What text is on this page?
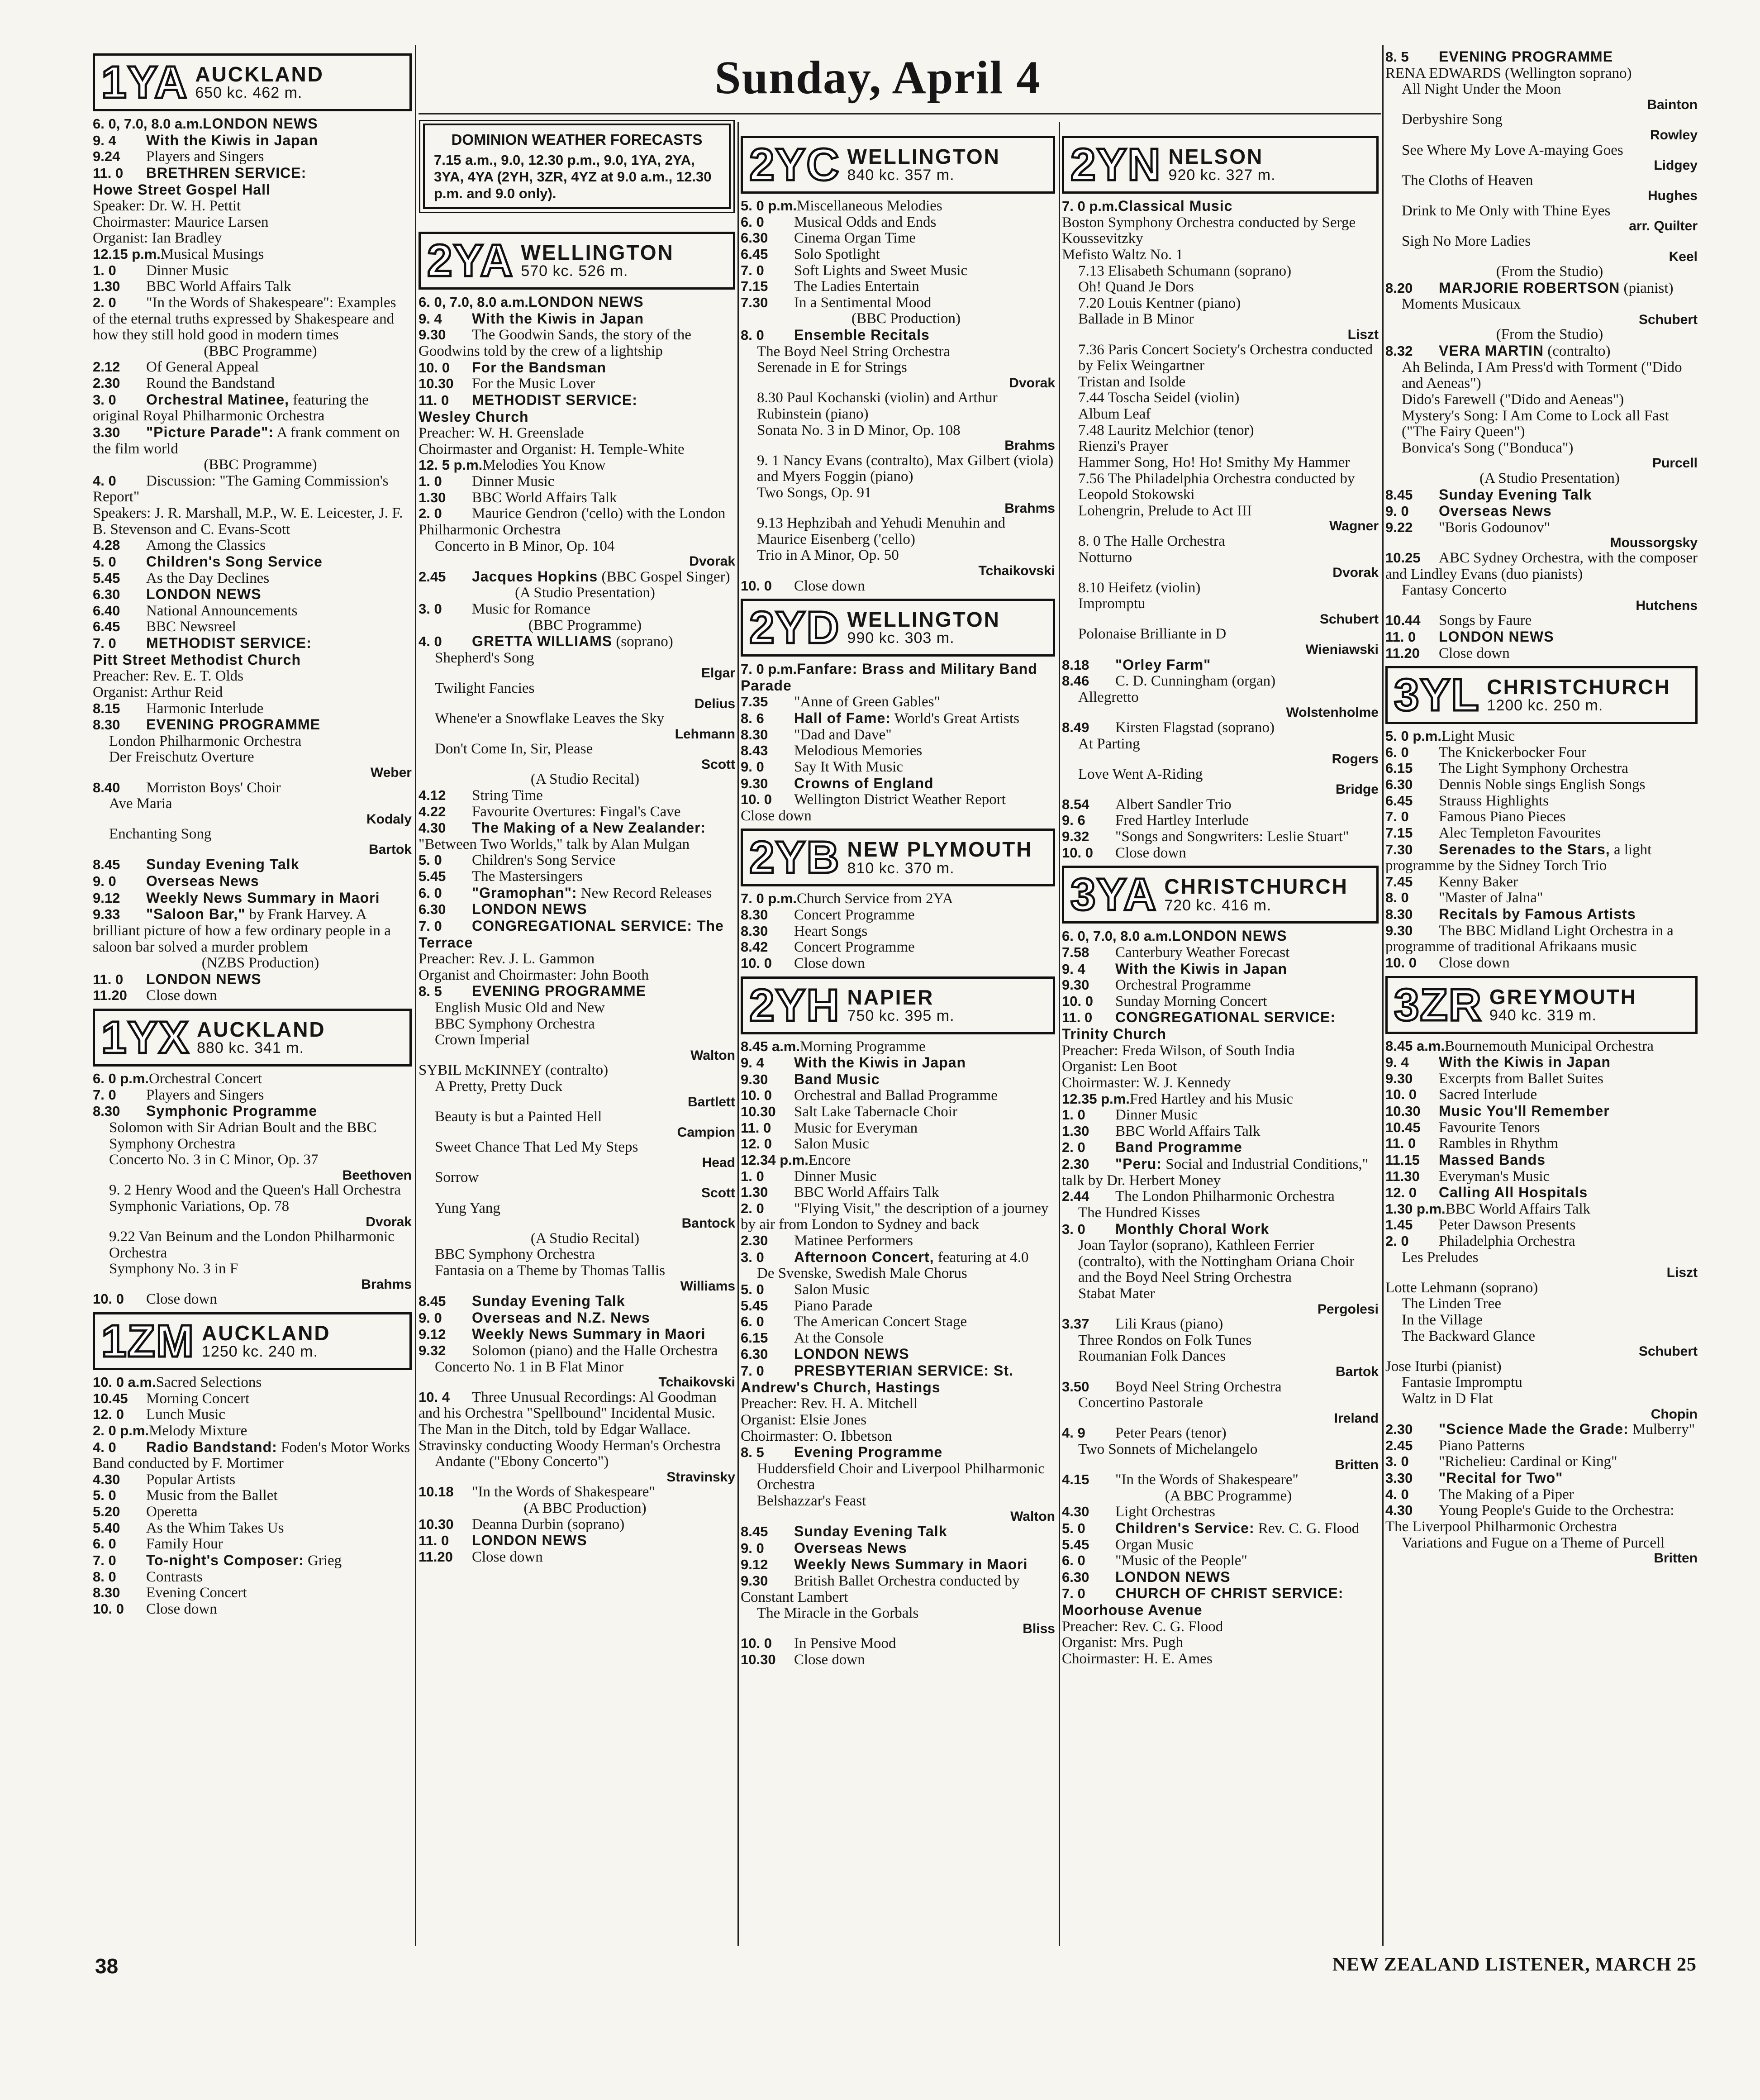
Sunday, April 4
1YA AUCKLAND
650 kc. 462 m.
6. 0, 7.0, 8.0 a.m.LONDON NEWS
9. 4 With the Kiwis in Japan
9.24 Players and Singers
11. 0 BRETHREN SERVICE:
Howe Street Gospel Hall
Speaker: Dr. W. H. Pettit
Choirmaster: Maurice Larsen
Organist: Ian Bradley
12.15 p.m.Musical Musings
1. 0 Dinner Music
1.30 BBC World Affairs Talk
2. 0 "In the Words of Shakespeare": Examples of the eternal truths expressed by Shakespeare and how they still hold good in modern times
(BBC Programme)
2.12 Of General Appeal
2.30 Round the Bandstand
3. 0 Orchestral Matinee, featuring the original Royal Philharmonic Orchestra
3.30 "Picture Parade": A frank comment on the film world
(BBC Programme)
4. 0 Discussion: "The Gaming Commission's Report"
Speakers: J. R. Marshall, M.P., W. E. Leicester, J. F. B. Stevenson and C. Evans-Scott
4.28 Among the Classics
5. 0 Children's Song Service
5.45 As the Day Declines
6.30 LONDON NEWS
6.40 National Announcements
6.45 BBC Newsreel
7. 0 METHODIST SERVICE:
Pitt Street Methodist Church
Preacher: Rev. E. T. Olds
Organist: Arthur Reid
8.15 Harmonic Interlude
8.30 EVENING PROGRAMME
London Philharmonic Orchestra
Der Freischutz Overture
Weber
8.40 Morriston Boys' Choir
Ave Maria
Kodaly
Enchanting Song
Bartok
8.45 Sunday Evening Talk
9. 0 Overseas News
9.12 Weekly News Summary in Maori
9.33 "Saloon Bar," by Frank Harvey. A brilliant picture of how a few ordinary people in a saloon bar solved a murder problem
(NZBS Production)
11. 0 LONDON NEWS
11.20 Close down
1YX AUCKLAND
880 kc. 341 m.
6. 0 p.m.Orchestral Concert
7. 0 Players and Singers
8.30 Symphonic Programme
Solomon with Sir Adrian Boult and the BBC Symphony Orchestra
Concerto No. 3 in C Minor, Op. 37
Beethoven
9. 2 Henry Wood and the Queen's Hall Orchestra
Symphonic Variations, Op. 78
Dvorak
9.22 Van Beinum and the London Philharmonic Orchestra
Symphony No. 3 in F
Brahms
10. 0 Close down
1ZM AUCKLAND
1250 kc. 240 m.
10. 0 a.m.Sacred Selections
10.45 Morning Concert
12. 0 Lunch Music
2. 0 p.m.Melody Mixture
4. 0 Radio Bandstand: Foden's Motor Works Band conducted by F. Mortimer
4.30 Popular Artists
5. 0 Music from the Ballet
5.20 Operetta
5.40 As the Whim Takes Us
6. 0 Family Hour
7. 0 To-night's Composer: Grieg
8. 0 Contrasts
8.30 Evening Concert
10. 0 Close down
DOMINION WEATHER FORECASTS
7.15 a.m., 9.0, 12.30 p.m., 9.0, 1YA, 2YA, 3YA, 4YA (2YH, 3ZR, 4YZ at 9.0 a.m., 12.30 p.m. and 9.0 only).
2YA WELLINGTON
570 kc. 526 m.
6. 0, 7.0, 8.0 a.m.LONDON NEWS
9. 4 With the Kiwis in Japan
9.30 The Goodwin Sands, the story of the Goodwins told by the crew of a lightship
10. 0 For the Bandsman
10.30 For the Music Lover
11. 0 METHODIST SERVICE:
Wesley Church
Preacher: W. H. Greenslade
Choirmaster and Organist: H. Temple-White
12. 5 p.m.Melodies You Know
1. 0 Dinner Music
1.30 BBC World Affairs Talk
2. 0 Maurice Gendron ('cello) with the London Philharmonic Orchestra
Concerto in B Minor, Op. 104
Dvorak
2.45 Jacques Hopkins (BBC Gospel Singer)
(A Studio Presentation)
3. 0 Music for Romance
(BBC Programme)
4. 0 GRETTA WILLIAMS (soprano)
Shepherd's Song
Elgar
Twilight Fancies
Delius
Whene'er a Snowflake Leaves the Sky
Lehmann
Don't Come In, Sir, Please
Scott
(A Studio Recital)
4.12 String Time
4.22 Favourite Overtures: Fingal's Cave
4.30 The Making of a New Zealander: "Between Two Worlds," talk by Alan Mulgan
5. 0 Children's Song Service
5.45 The Mastersingers
6. 0 "Gramophan": New Record Releases
6.30 LONDON NEWS
7. 0 CONGREGATIONAL SERVICE: The Terrace
Preacher: Rev. J. L. Gammon
Organist and Choirmaster: John Booth
8. 5 EVENING PROGRAMME
English Music Old and New
BBC Symphony Orchestra
Crown Imperial
Walton
SYBIL McKINNEY (contralto)
A Pretty, Pretty Duck
Bartlett
Beauty is but a Painted Hell
Campion
Sweet Chance That Led My Steps
Head
Sorrow
Scott
Yung Yang
Bantock
(A Studio Recital)
BBC Symphony Orchestra
Fantasia on a Theme by Thomas Tallis
Williams
8.45 Sunday Evening Talk
9. 0 Overseas and N.Z. News
9.12 Weekly News Summary in Maori
9.32 Solomon (piano) and the Halle Orchestra
Concerto No. 1 in B Flat Minor
Tchaikovski
10. 4 Three Unusual Recordings: Al Goodman and his Orchestra "Spellbound" Incidental Music. The Man in the Ditch, told by Edgar Wallace. Stravinsky conducting Woody Herman's Orchestra
Andante ("Ebony Concerto")
Stravinsky
10.18 "In the Words of Shakespeare"
(A BBC Production)
10.30 Deanna Durbin (soprano)
11. 0 LONDON NEWS
11.20 Close down
2YC WELLINGTON
840 kc. 357 m.
5. 0 p.m.Miscellaneous Melodies
6. 0 Musical Odds and Ends
6.30 Cinema Organ Time
6.45 Solo Spotlight
7. 0 Soft Lights and Sweet Music
7.15 The Ladies Entertain
7.30 In a Sentimental Mood
(BBC Production)
8. 0 Ensemble Recitals
The Boyd Neel String Orchestra
Serenade in E for Strings
Dvorak
8.30 Paul Kochanski (violin) and Arthur Rubinstein (piano)
Sonata No. 3 in D Minor, Op. 108
Brahms
9. 1 Nancy Evans (contralto), Max Gilbert (viola) and Myers Foggin (piano)
Two Songs, Op. 91
Brahms
9.13 Hephzibah and Yehudi Menuhin and Maurice Eisenberg ('cello)
Trio in A Minor, Op. 50
Tchaikovski
10. 0 Close down
2YD WELLINGTON
990 kc. 303 m.
7. 0 p.m.Fanfare: Brass and Military Band Parade
7.35 "Anne of Green Gables"
8. 6 Hall of Fame: World's Great Artists
8.30 "Dad and Dave"
8.43 Melodious Memories
9. 0 Say It With Music
9.30 Crowns of England
10. 0 Wellington District Weather Report
Close down
2YB NEW PLYMOUTH
810 kc. 370 m.
7. 0 p.m.Church Service from 2YA
8.30 Concert Programme
8.30 Heart Songs
8.42 Concert Programme
10. 0 Close down
2YH NAPIER
750 kc. 395 m.
8.45 a.m.Morning Programme
9. 4 With the Kiwis in Japan
9.30 Band Music
10. 0 Orchestral and Ballad Programme
10.30 Salt Lake Tabernacle Choir
11. 0 Music for Everyman
12. 0 Salon Music
12.34 p.m.Encore
1. 0 Dinner Music
1.30 BBC World Affairs Talk
2. 0 "Flying Visit," the description of a journey by air from London to Sydney and back
2.30 Matinee Performers
3. 0 Afternoon Concert, featuring at 4.0
De Svenske, Swedish Male Chorus
5. 0 Salon Music
5.45 Piano Parade
6. 0 The American Concert Stage
6.15 At the Console
6.30 LONDON NEWS
7. 0 PRESBYTERIAN SERVICE: St. Andrew's Church, Hastings
Preacher: Rev. H. A. Mitchell
Organist: Elsie Jones
Choirmaster: O. Ibbetson
8. 5 Evening Programme
Huddersfield Choir and Liverpool Philharmonic Orchestra
Belshazzar's Feast
Walton
8.45 Sunday Evening Talk
9. 0 Overseas News
9.12 Weekly News Summary in Maori
9.30 British Ballet Orchestra conducted by Constant Lambert
The Miracle in the Gorbals
Bliss
10. 0 In Pensive Mood
10.30 Close down
2YN NELSON
920 kc. 327 m.
7. 0 p.m.Classical Music
Boston Symphony Orchestra conducted by Serge Koussevitzky
Mefisto Waltz No. 1
7.13 Elisabeth Schumann (soprano)
Oh! Quand Je Dors
7.20 Louis Kentner (piano)
Ballade in B Minor
Liszt
7.36 Paris Concert Society's Orchestra conducted by Felix Weingartner
Tristan and Isolde
7.44 Toscha Seidel (violin)
Album Leaf
7.48 Lauritz Melchior (tenor)
Rienzi's Prayer
Hammer Song, Ho! Ho! Smithy My Hammer
7.56 The Philadelphia Orchestra conducted by Leopold Stokowski
Lohengrin, Prelude to Act III
Wagner
8. 0 The Halle Orchestra
Notturno
Dvorak
8.10 Heifetz (violin)
Impromptu
Schubert
Polonaise Brilliante in D
Wieniawski
8.18 "Orley Farm"
8.46 C. D. Cunningham (organ)
Allegretto
Wolstenholme
8.49 Kirsten Flagstad (soprano)
At Parting
Rogers
Love Went A-Riding
Bridge
8.54 Albert Sandler Trio
9. 6 Fred Hartley Interlude
9.32 "Songs and Songwriters: Leslie Stuart"
10. 0 Close down
3YA CHRISTCHURCH
720 kc. 416 m.
6. 0, 7.0, 8.0 a.m.LONDON NEWS
7.58 Canterbury Weather Forecast
9. 4 With the Kiwis in Japan
9.30 Orchestral Programme
10. 0 Sunday Morning Concert
11. 0 CONGREGATIONAL SERVICE: Trinity Church
Preacher: Freda Wilson, of South India
Organist: Len Boot
Choirmaster: W. J. Kennedy
12.35 p.m.Fred Hartley and his Music
1. 0 Dinner Music
1.30 BBC World Affairs Talk
2. 0 Band Programme
2.30 "Peru: Social and Industrial Conditions," talk by Dr. Herbert Money
2.44 The London Philharmonic Orchestra
The Hundred Kisses
3. 0 Monthly Choral Work
Joan Taylor (soprano), Kathleen Ferrier (contralto), with the Nottingham Oriana Choir and the Boyd Neel String Orchestra
Stabat Mater
Pergolesi
3.37 Lili Kraus (piano)
Three Rondos on Folk Tunes
Roumanian Folk Dances
Bartok
3.50 Boyd Neel String Orchestra
Concertino Pastorale
Ireland
4. 9 Peter Pears (tenor)
Two Sonnets of Michelangelo
Britten
4.15 "In the Words of Shakespeare"
(A BBC Programme)
4.30 Light Orchestras
5. 0 Children's Service: Rev. C. G. Flood
5.45 Organ Music
6. 0 "Music of the People"
6.30 LONDON NEWS
7. 0 CHURCH OF CHRIST SERVICE: Moorhouse Avenue
Preacher: Rev. C. G. Flood
Organist: Mrs. Pugh
Choirmaster: H. E. Ames
8. 5 EVENING PROGRAMME
RENA EDWARDS (Wellington soprano)
All Night Under the Moon
Bainton
Derbyshire Song
Rowley
See Where My Love A-maying Goes
Lidgey
The Cloths of Heaven
Hughes
Drink to Me Only with Thine Eyes
arr. Quilter
Sigh No More Ladies
Keel
(From the Studio)
8.20 MARJORIE ROBERTSON (pianist)
Moments Musicaux
Schubert
(From the Studio)
8.32 VERA MARTIN (contralto)
Ah Belinda, I Am Press'd with Torment ("Dido and Aeneas")
Dido's Farewell ("Dido and Aeneas")
Mystery's Song: I Am Come to Lock all Fast ("The Fairy Queen")
Bonvica's Song ("Bonduca")
Purcell
(A Studio Presentation)
8.45 Sunday Evening Talk
9. 0 Overseas News
9.22 "Boris Godounov"
Moussorgsky
10.25 ABC Sydney Orchestra, with the composer and Lindley Evans (duo pianists)
Fantasy Concerto
Hutchens
10.44 Songs by Faure
11. 0 LONDON NEWS
11.20 Close down
3YL CHRISTCHURCH
1200 kc. 250 m.
5. 0 p.m.Light Music
6. 0 The Knickerbocker Four
6.15 The Light Symphony Orchestra
6.30 Dennis Noble sings English Songs
6.45 Strauss Highlights
7. 0 Famous Piano Pieces
7.15 Alec Templeton Favourites
7.30 Serenades to the Stars, a light programme by the Sidney Torch Trio
7.45 Kenny Baker
8. 0 "Master of Jalna"
8.30 Recitals by Famous Artists
9.30 The BBC Midland Light Orchestra in a programme of traditional Afrikaans music
10. 0 Close down
3ZR GREYMOUTH
940 kc. 319 m.
8.45 a.m.Bournemouth Municipal Orchestra
9. 4 With the Kiwis in Japan
9.30 Excerpts from Ballet Suites
10. 0 Sacred Interlude
10.30 Music You'll Remember
10.45 Favourite Tenors
11. 0 Rambles in Rhythm
11.15 Massed Bands
11.30 Everyman's Music
12. 0 Calling All Hospitals
1.30 p.m.BBC World Affairs Talk
1.45 Peter Dawson Presents
2. 0 Philadelphia Orchestra
Les Preludes
Liszt
Lotte Lehmann (soprano)
The Linden Tree
In the Village
The Backward Glance
Schubert
Jose Iturbi (pianist)
Fantasie Impromptu
Waltz in D Flat
Chopin
2.30 "Science Made the Grade: Mulberry"
2.45 Piano Patterns
3. 0 "Richelieu: Cardinal or King"
3.30 "Recital for Two"
4. 0 The Making of a Piper
4.30 Young People's Guide to the Orchestra: The Liverpool Philharmonic Orchestra
Variations and Fugue on a Theme of Purcell
Britten
38	NEW ZEALAND LISTENER, MARCH 25
